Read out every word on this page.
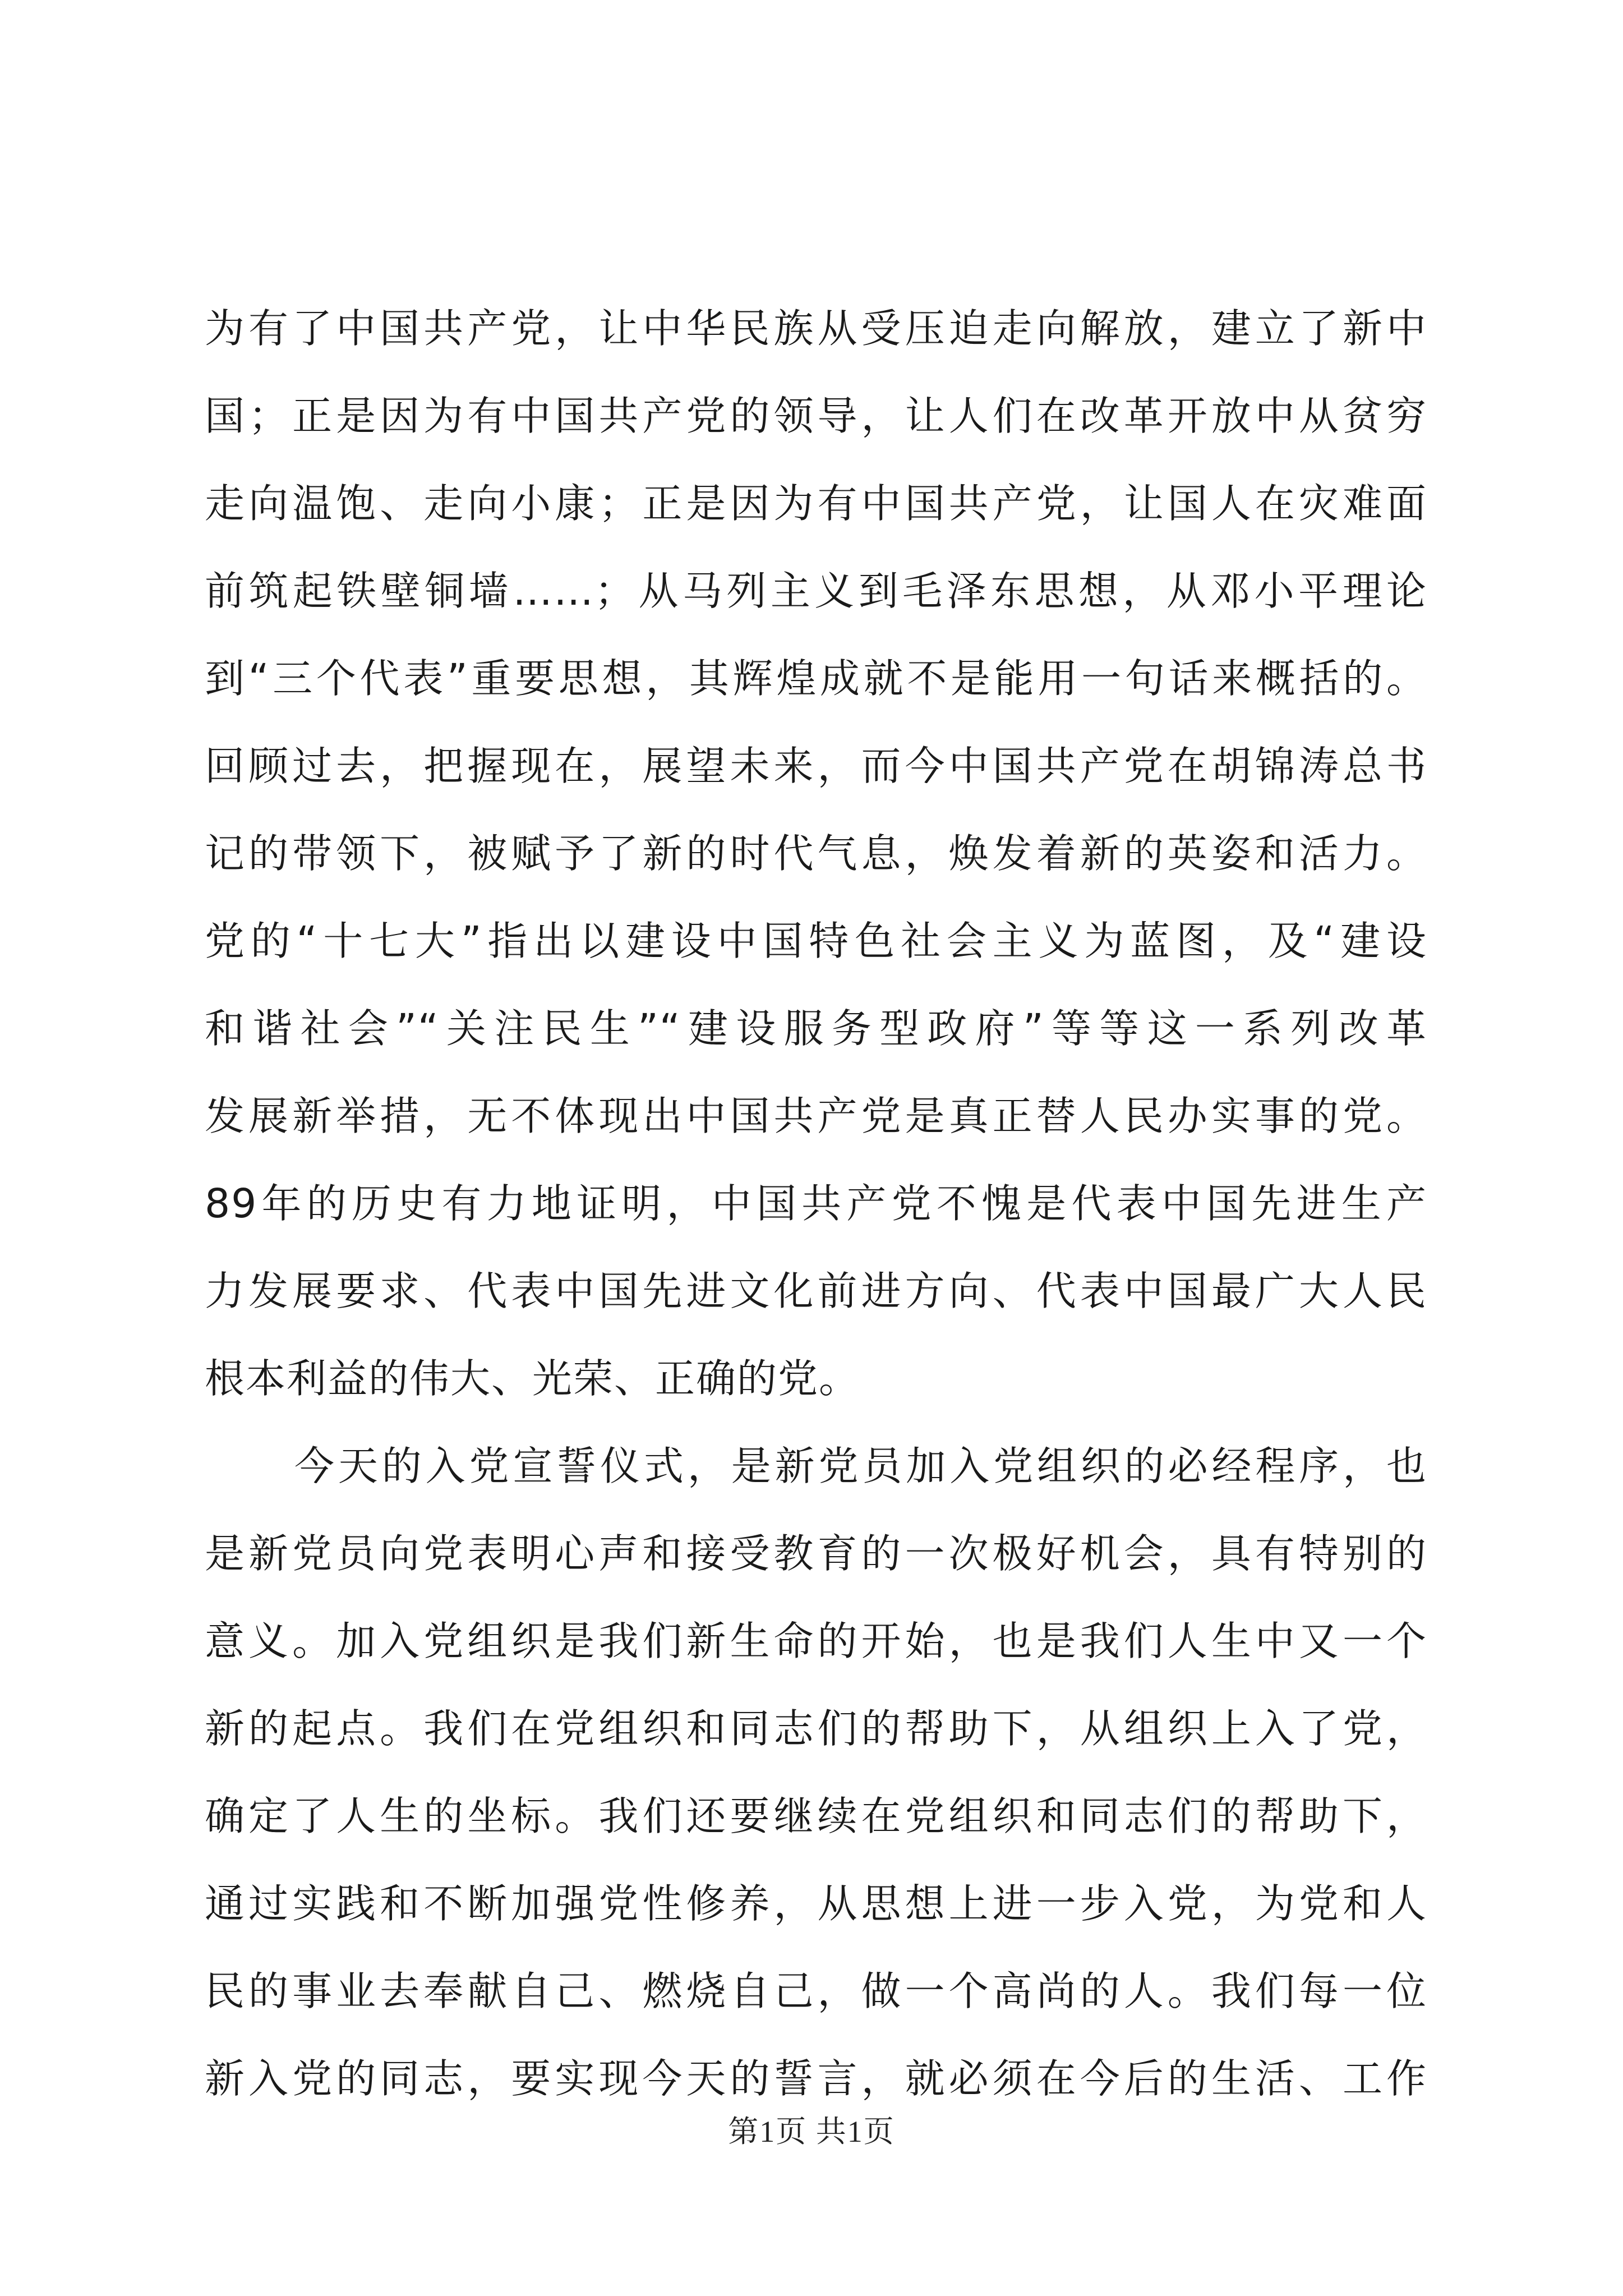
为有了中国共产党，让中华民族从受压迫走向解放，建立了新中
国；正是因为有中国共产党的领导，让人们在改革开放中从贫穷
走向温饱、走向小康；正是因为有中国共产党，让国人在灾难面
前筑起铁壁铜墙……；从马列主义到毛泽东思想，从邓小平理论
到“三个代表”重要思想，其辉煌成就不是能用一句话来概括的。
回顾过去，把握现在，展望未来，而今中国共产党在胡锦涛总书
记的带领下，被赋予了新的时代气息，焕发着新的英姿和活力。
党的“十七大”指出以建设中国特色社会主义为蓝图，及“建设
和谐社会”“关注民生”“建设服务型政府”等等这一系列改革
发展新举措，无不体现出中国共产党是真正替人民办实事的党。
89年的历史有力地证明，中国共产党不愧是代表中国先进生产
力发展要求、代表中国先进文化前进方向、代表中国最广大人民
根本利益的伟大、光荣、正确的党。
今天的入党宣誓仪式，是新党员加入党组织的必经程序，也
是新党员向党表明心声和接受教育的一次极好机会，具有特别的
意义。加入党组织是我们新生命的开始，也是我们人生中又一个
新的起点。我们在党组织和同志们的帮助下，从组织上入了党，
确定了人生的坐标。我们还要继续在党组织和同志们的帮助下，
通过实践和不断加强党性修养，从思想上进一步入党，为党和人
民的事业去奉献自己、燃烧自己，做一个高尚的人。我们每一位
新入党的同志，要实现今天的誓言，就必须在今后的生活、工作
第1页 共1页
